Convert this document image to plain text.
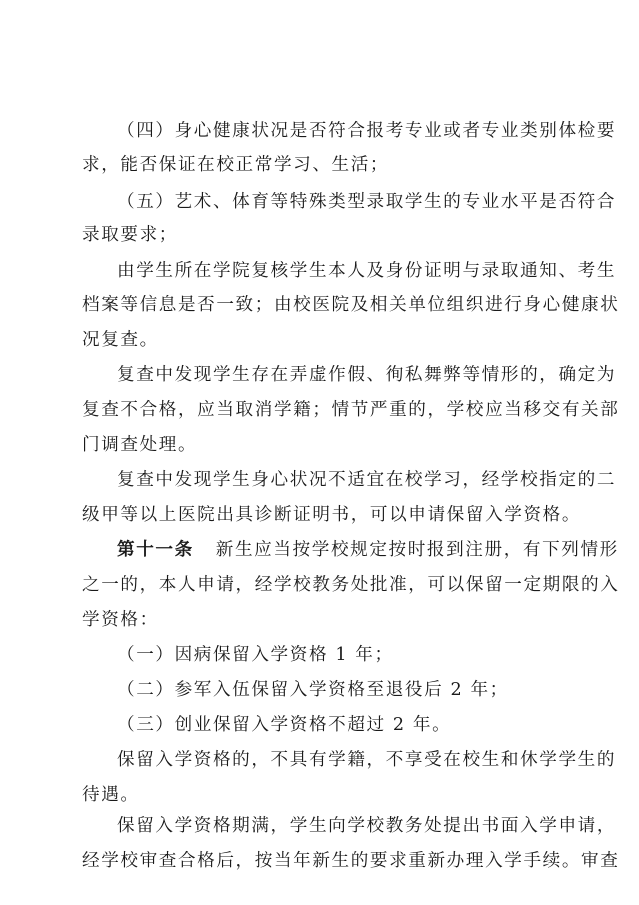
（四）身心健康状况是否符合报考专业或者专业类别体检要
求，能否保证在校正常学习、生活；
（五）艺术、体育等特殊类型录取学生的专业水平是否符合
录取要求；
由学生所在学院复核学生本人及身份证明与录取通知、考生
档案等信息是否一致；由校医院及相关单位组织进行身心健康状
况复查。
复查中发现学生存在弄虚作假、徇私舞弊等情形的，确定为
复查不合格，应当取消学籍；情节严重的，学校应当移交有关部
门调查处理。
复查中发现学生身心状况不适宜在校学习，经学校指定的二
级甲等以上医院出具诊断证明书，可以申请保留入学资格。
第十一条 新生应当按学校规定按时报到注册，有下列情形
之一的，本人申请，经学校教务处批准，可以保留一定期限的入
学资格：
（一）因病保留入学资格 1 年；
（二）参军入伍保留入学资格至退役后 2 年；
（三）创业保留入学资格不超过 2 年。
保留入学资格的，不具有学籍，不享受在校生和休学学生的
待遇。
保留入学资格期满，学生向学校教务处提出书面入学申请，
经学校审查合格后，按当年新生的要求重新办理入学手续。审查
